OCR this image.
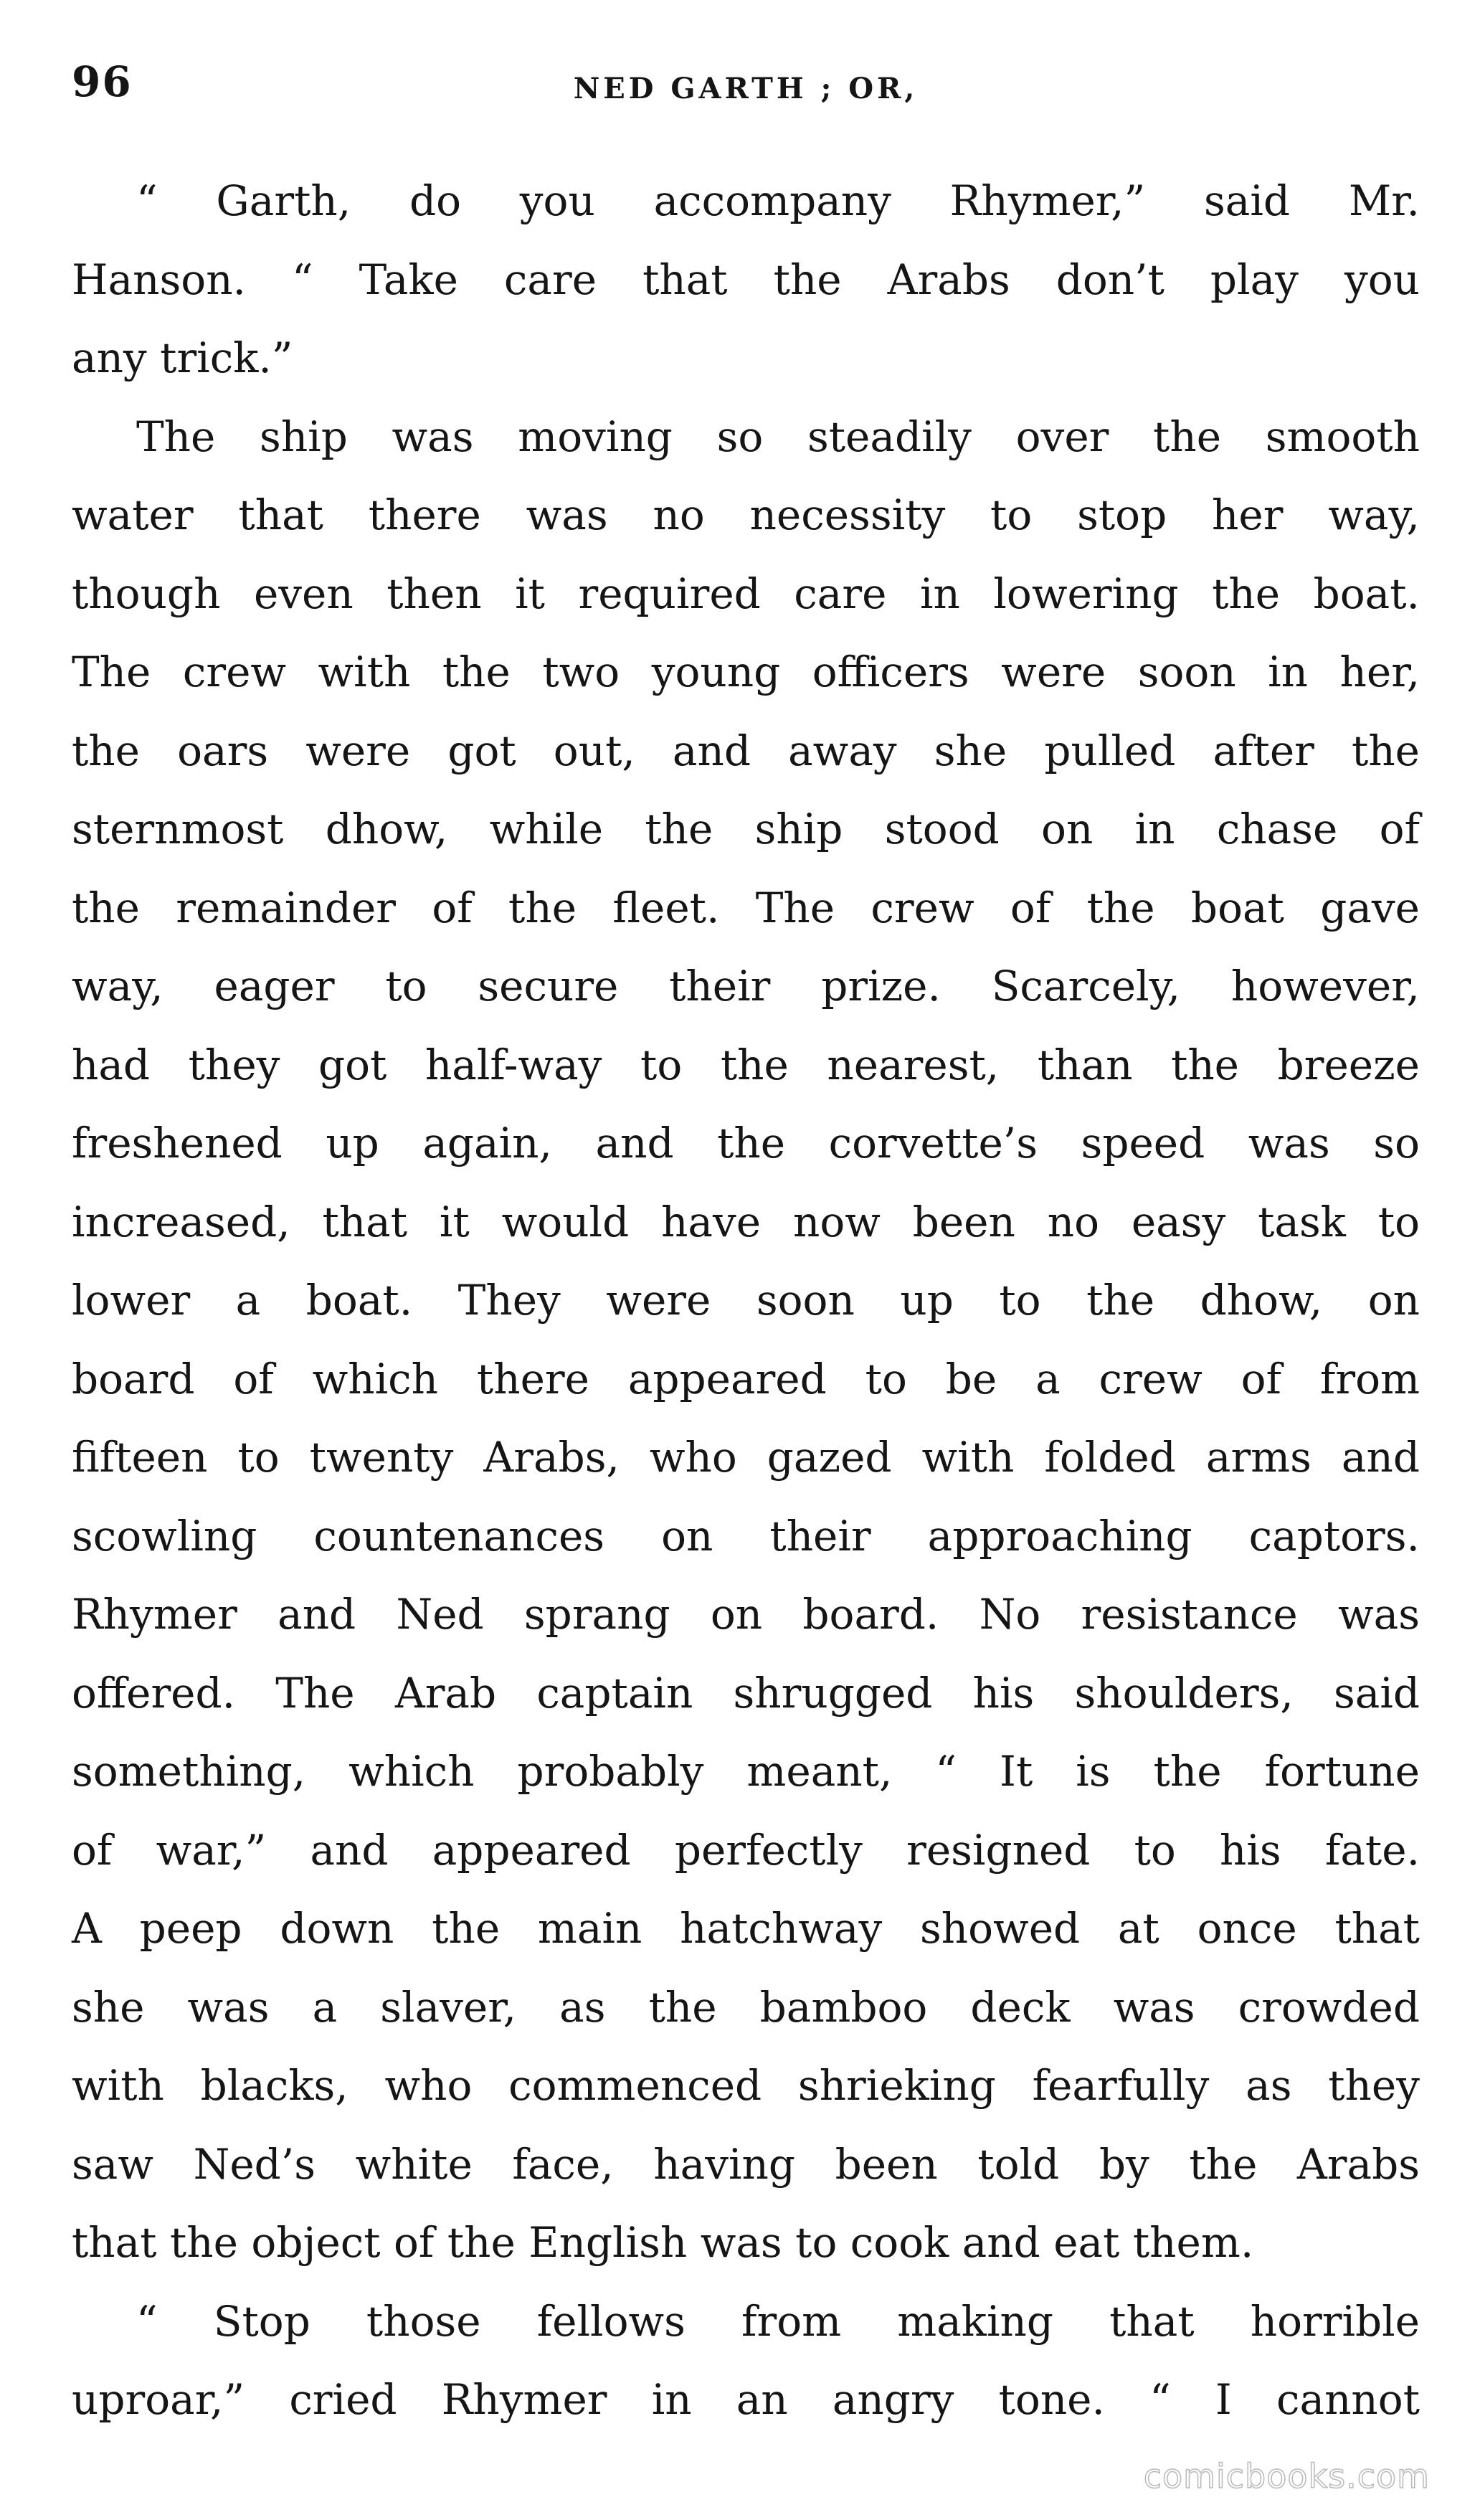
96	NED GARTH ; OR,
“ Garth, do you accompany Rhymer,” said Mr.
Hanson. “ Take care that the Arabs don’t play you
any trick.”
The ship was moving so steadily over the smooth
water that there was no necessity to stop her way,
though even then it required care in lowering the boat.
The crew with the two young officers were soon in her,
the oars were got out, and away she pulled after the
sternmost dhow, while the ship stood on in chase of
the remainder of the fleet. The crew of the boat gave
way, eager to secure their prize. Scarcely, however,
had they got half-way to the nearest, than the breeze
freshened up again, and the corvette’s speed was so
increased, that it would have now been no easy task to
lower a boat. They were soon up to the dhow, on
board of which there appeared to be a crew of from
fifteen to twenty Arabs, who gazed with folded arms and
scowling countenances on their approaching captors.
Rhymer and Ned sprang on board. No resistance was
offered. The Arab captain shrugged his shoulders, said
something, which probably meant, “ It is the fortune
of war,” and appeared perfectly resigned to his fate.
A peep down the main hatchway showed at once that
she was a slaver, as the bamboo deck was crowded
with blacks, who commenced shrieking fearfully as they
saw Ned’s white face, having been told by the Arabs
that the object of the English was to cook and eat them.
“ Stop those fellows from making that horrible
uproar,” cried Rhymer in an angry tone. “ I cannot
comicbooks.com
